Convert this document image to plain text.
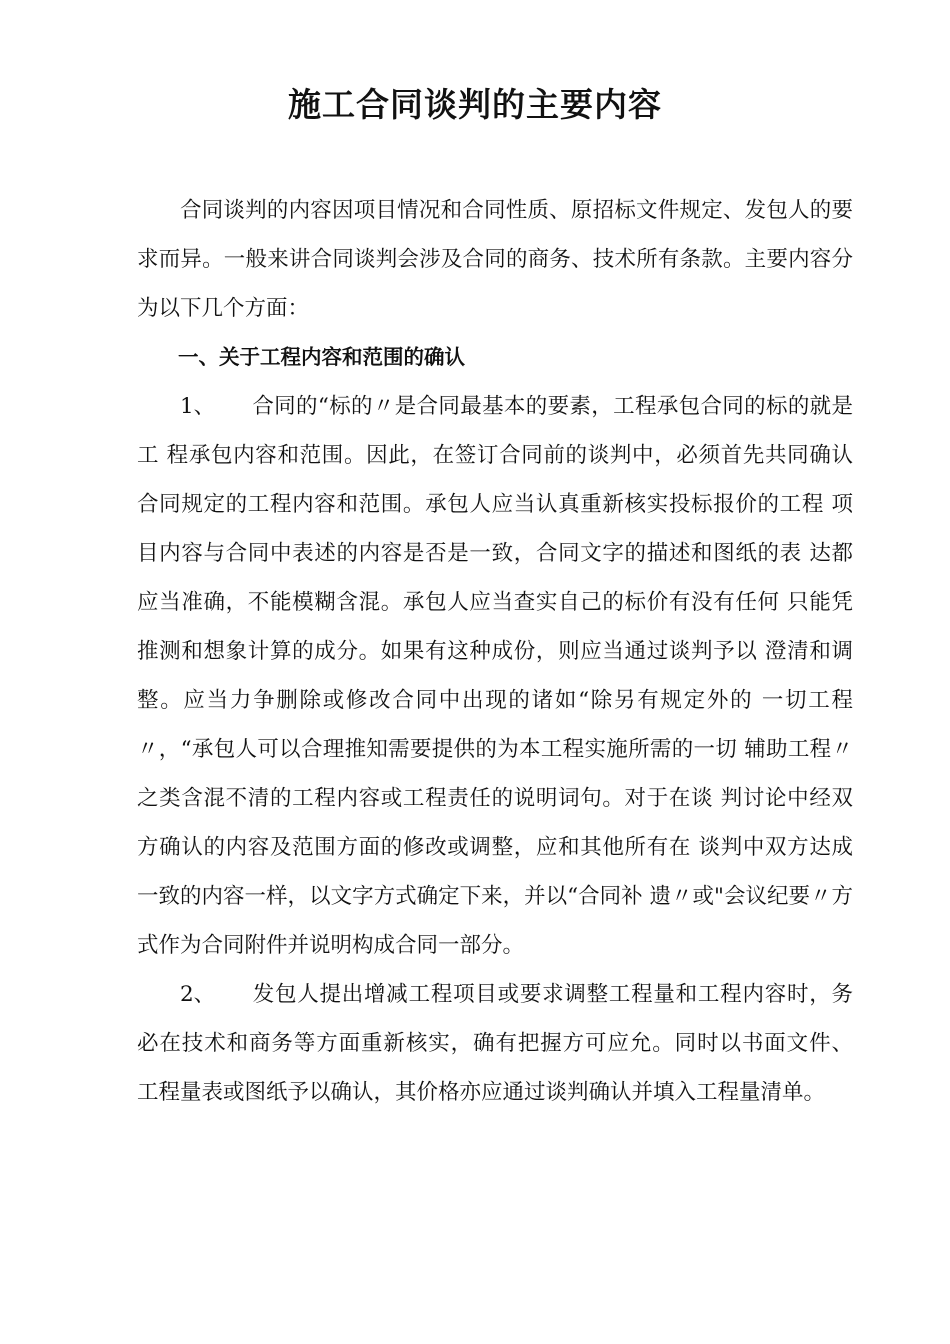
施工合同谈判的主要内容

合同谈判的内容因项目情况和合同性质、原招标文件规定、发包人的要求而异。一般来讲合同谈判会涉及合同的商务、技术所有条款。主要内容分为以下几个方面：

一、关于工程内容和范围的确认

1、 合同的“标的〃是合同最基本的要素，工程承包合同的标的就是工 程承包内容和范围。因此，在签订合同前的谈判中，必须首先共同确认 合同规定的工程内容和范围。承包人应当认真重新核实投标报价的工程 项目内容与合同中表述的内容是否是一致，合同文字的描述和图纸的表 达都应当准确，不能模糊含混。承包人应当查实自己的标价有没有任何 只能凭推测和想象计算的成分。如果有这种成份，则应当通过谈判予以 澄清和调整。应当力争删除或修改合同中出现的诸如“除另有规定外的 一切工程〃，“承包人可以合理推知需要提供的为本工程实施所需的一切 辅助工程〃之类含混不清的工程内容或工程责任的说明词句。对于在谈 判讨论中经双方确认的内容及范围方面的修改或调整，应和其他所有在 谈判中双方达成一致的内容一样，以文字方式确定下来，并以“合同补 遗〃或"会议纪要〃方式作为合同附件并说明构成合同一部分。

2、 发包人提出增减工程项目或要求调整工程量和工程内容时，务 必在技术和商务等方面重新核实，确有把握方可应允。同时以书面文件、 工程量表或图纸予以确认，其价格亦应通过谈判确认并填入工程量清单。
